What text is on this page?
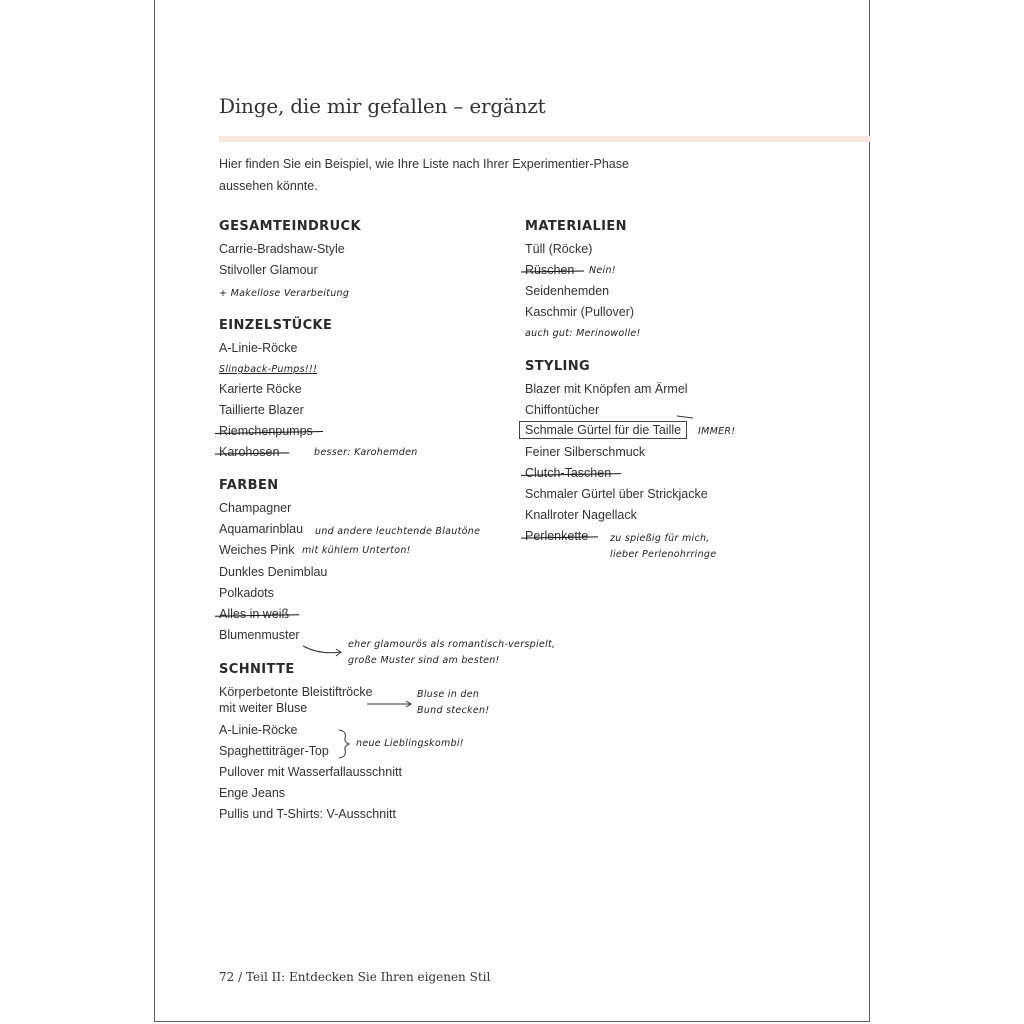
Dinge, die mir gefallen – ergänzt
Hier finden Sie ein Beispiel, wie Ihre Liste nach Ihrer Experimentier-Phase
aussehen könnte.
GESAMTEINDRUCK
Carrie-Bradshaw-Style
Stilvoller Glamour
+ Makellose Verarbeitung
EINZELSTÜCKE
A-Linie-Röcke
Slingback-Pumps!!!
Karierte Röcke
Taillierte Blazer
Riemchenpumps
Karohosen	besser: Karohemden
FARBEN
Champagner
Aquamarinblau und andere leuchtende Blautöne
Weiches Pink mit kühlem Unterton!
Dunkles Denimblau
Polkadots
Alles in weiß
Blumenmuster
eher glamourös als romantisch-verspielt,
große Muster sind am besten!
SCHNITTE
Körperbetonte Bleistiftröcke
mit weiter Bluse
Bluse in den
Bund stecken!
A-Linie-Röcke
Spaghettiträger-Top
neue Lieblingskombi!
Pullover mit Wasserfallausschnitt
Enge Jeans
Pullis und T-Shirts: V-Ausschnitt
MATERIALIEN
Tüll (Röcke)
Rüschen Nein!
Seidenhemden
Kaschmir (Pullover)
auch gut: Merinowolle!
STYLING
Blazer mit Knöpfen am Ärmel
Chiffontücher
Schmale Gürtel für die Taille	IMMER!
Feiner Silberschmuck
Clutch-Taschen
Schmaler Gürtel über Strickjacke
Knallroter Nagellack
Perlenkette zu spießig für mich,
lieber Perlenohrringe
72 / Teil II: Entdecken Sie Ihren eigenen Stil
